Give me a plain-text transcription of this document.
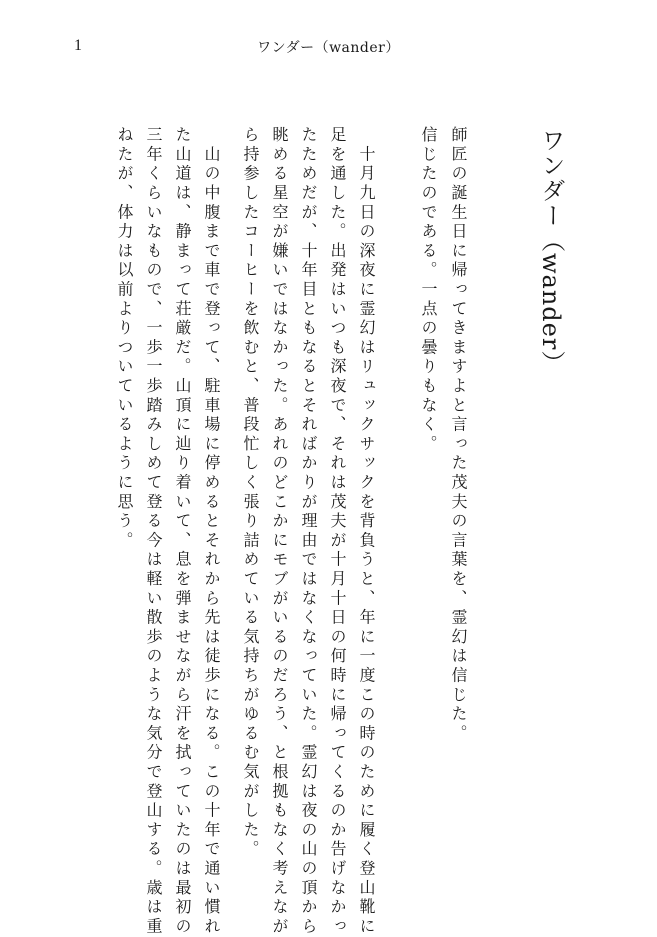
1	ワンダー（wander）
ワンダー（wander）
師匠の誕生日に帰ってきますよと言った茂夫の言葉を、霊幻は信じた。
信じたのである。一点の曇りもなく。
　十月九日の深夜に霊幻はリュックサックを背負うと、年に一度この時のために履く登山靴に
足を通した。出発はいつも深夜で、それは茂夫が十月十日の何時に帰ってくるのか告げなかっ
たためだが、十年目ともなるとそればかりが理由ではなくなっていた。霊幻は夜の山の頂から
眺める星空が嫌いではなかった。あれのどこかにモブがいるのだろう、と根拠もなく考えなが
ら持参したコーヒーを飲むと、普段忙しく張り詰めている気持ちがゆるむ気がした。
　山の中腹まで車で登って、駐車場に停めるとそれから先は徒歩になる。この十年で通い慣れ
た山道は、静まって荘厳だ。山頂に辿り着いて、息を弾ませながら汗を拭っていたのは最初の
三年くらいなもので、一歩一歩踏みしめて登る今は軽い散歩のような気分で登山する。歳は重
ねたが、体力は以前よりついているように思う。
